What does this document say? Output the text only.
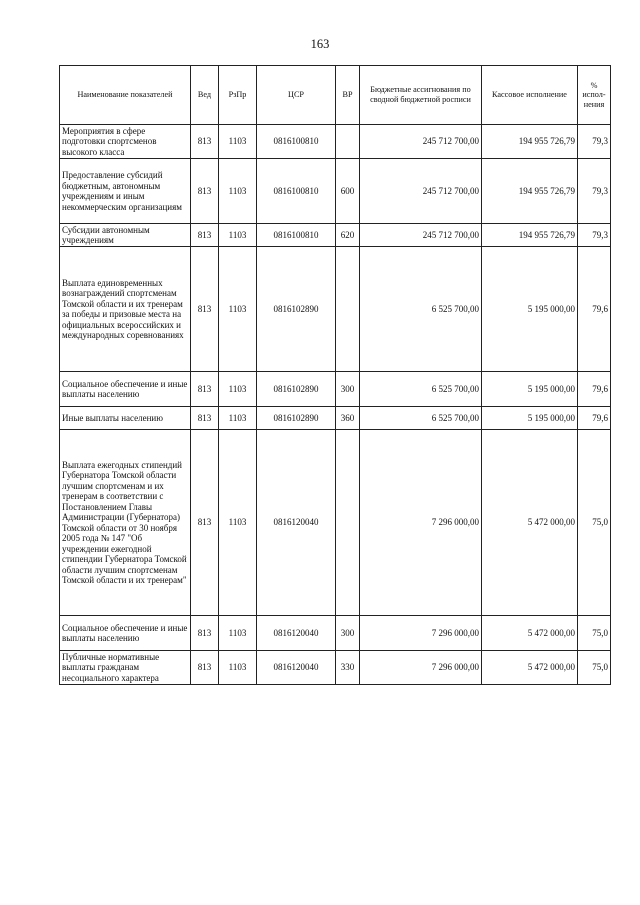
163
Наименование показателей	Вед	РзПр	ЦСР	ВР	Бюджетные ассигнования по сводной бюджетной росписи	Кассовое исполнение	% испол-нения
Мероприятия в сфере подготовки спортсменов высокого класса	813	1103	0816100810		245 712 700,00	194 955 726,79	79,3
Предоставление субсидий бюджетным, автономным учреждениям и иным некоммерческим организациям	813	1103	0816100810	600	245 712 700,00	194 955 726,79	79,3
Субсидии автономным учреждениям	813	1103	0816100810	620	245 712 700,00	194 955 726,79	79,3
Выплата единовременных вознаграждений спортсменам Томской области и их тренерам за победы и призовые места на официальных всероссийских и международных соревнованиях	813	1103	0816102890		6 525 700,00	5 195 000,00	79,6
Социальное обеспечение и иные выплаты населению	813	1103	0816102890	300	6 525 700,00	5 195 000,00	79,6
Иные выплаты населению	813	1103	0816102890	360	6 525 700,00	5 195 000,00	79,6
Выплата ежегодных стипендий Губернатора Томской области лучшим спортсменам и их тренерам в соответствии с Постановлением Главы Администрации (Губернатора) Томской области от 30 ноября 2005 года № 147 "Об учреждении ежегодной стипендии Губернатора Томской области лучшим спортсменам Томской области и их тренерам"	813	1103	0816120040		7 296 000,00	5 472 000,00	75,0
Социальное обеспечение и иные выплаты населению	813	1103	0816120040	300	7 296 000,00	5 472 000,00	75,0
Публичные нормативные выплаты гражданам несоциального характера	813	1103	0816120040	330	7 296 000,00	5 472 000,00	75,0
